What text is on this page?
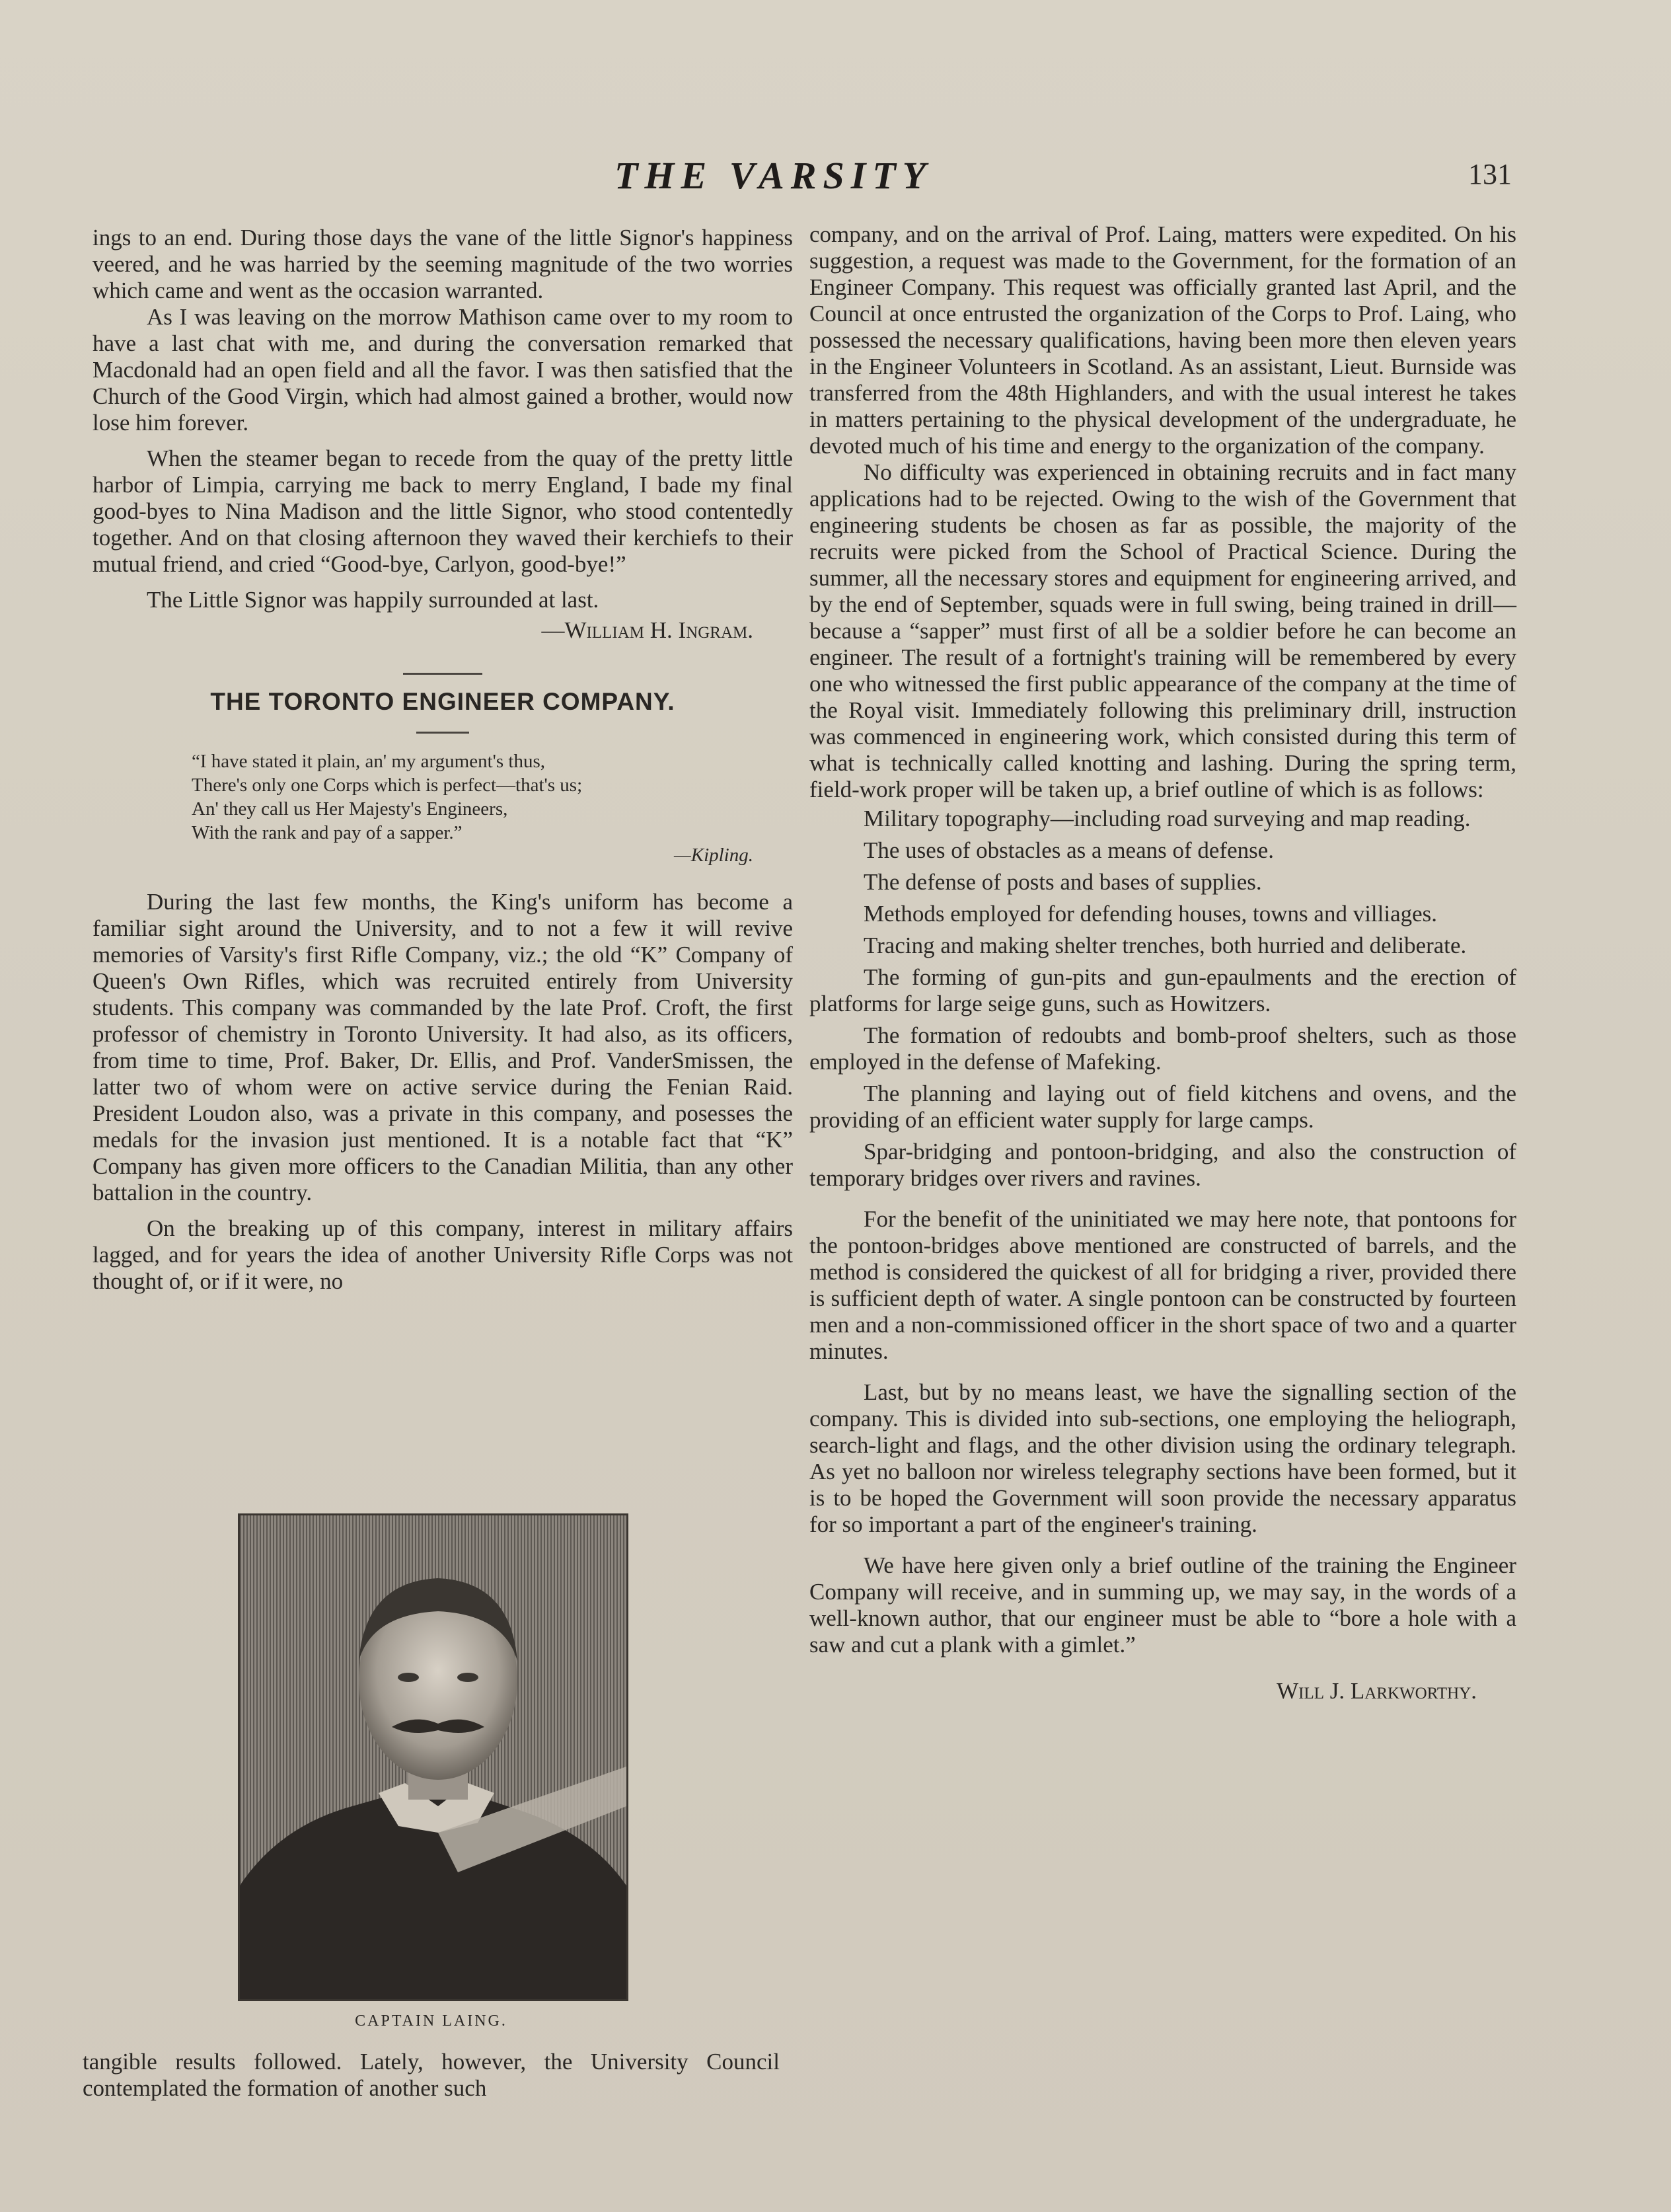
THE VARSITY	131

ings to an end. During those days the vane of the little Signor's happiness veered, and he was harried by the seeming magnitude of the two worries which came and went as the occasion warranted.

As I was leaving on the morrow Mathison came over to my room to have a last chat with me, and during the conversation remarked that Macdonald had an open field and all the favor. I was then satisfied that the Church of the Good Virgin, which had almost gained a brother, would now lose him forever.

When the steamer began to recede from the quay of the pretty little harbor of Limpia, carrying me back to merry England, I bade my final good-byes to Nina Madison and the little Signor, who stood contentedly together. And on that closing afternoon they waved their kerchiefs to their mutual friend, and cried “Good-bye, Carlyon, good-bye!”

The Little Signor was happily surrounded at last.

—William H. Ingram.
THE TORONTO ENGINEER COMPANY.
“I have stated it plain, an' my argument's thus,
There's only one Corps which is perfect—that's us;
An' they call us Her Majesty's Engineers,
With the rank and pay of a sapper.”
—Kipling.

During the last few months, the King's uniform has become a familiar sight around the University, and to not a few it will revive memories of Varsity's first Rifle Company, viz.; the old “K” Company of Queen's Own Rifles, which was recruited entirely from University students. This company was commanded by the late Prof. Croft, the first professor of chemistry in Toronto University. It had also, as its officers, from time to time, Prof. Baker, Dr. Ellis, and Prof. VanderSmissen, the latter two of whom were on active service during the Fenian Raid. President Loudon also, was a private in this company, and posesses the medals for the invasion just mentioned. It is a notable fact that “K” Company has given more officers to the Canadian Militia, than any other battalion in the country.

On the breaking up of this company, interest in military affairs lagged, and for years the idea of another University Rifle Corps was not thought of, or if it were, no

CAPTAIN LAING.

tangible results followed. Lately, however, the University Council contemplated the formation of another such

company, and on the arrival of Prof. Laing, matters were expedited. On his suggestion, a request was made to the Government, for the formation of an Engineer Company. This request was officially granted last April, and the Council at once entrusted the organization of the Corps to Prof. Laing, who possessed the necessary qualifications, having been more then eleven years in the Engineer Volunteers in Scotland. As an assistant, Lieut. Burnside was transferred from the 48th Highlanders, and with the usual interest he takes in matters pertaining to the physical development of the undergraduate, he devoted much of his time and energy to the organization of the company.

No difficulty was experienced in obtaining recruits and in fact many applications had to be rejected. Owing to the wish of the Government that engineering students be chosen as far as possible, the majority of the recruits were picked from the School of Practical Science. During the summer, all the necessary stores and equipment for engineering arrived, and by the end of September, squads were in full swing, being trained in drill—because a “sapper” must first of all be a soldier before he can become an engineer. The result of a fortnight's training will be remembered by every one who witnessed the first public appearance of the company at the time of the Royal visit. Immediately following this preliminary drill, instruction was commenced in engineering work, which consisted during this term of what is technically called knotting and lashing. During the spring term, field-work proper will be taken up, a brief outline of which is as follows:

Military topography—including road surveying and map reading.

The uses of obstacles as a means of defense.

The defense of posts and bases of supplies.

Methods employed for defending houses, towns and villiages.

Tracing and making shelter trenches, both hurried and deliberate.

The forming of gun-pits and gun-epaulments and the erection of platforms for large seige guns, such as Howitzers.

The formation of redoubts and bomb-proof shelters, such as those employed in the defense of Mafeking.

The planning and laying out of field kitchens and ovens, and the providing of an efficient water supply for large camps.

Spar-bridging and pontoon-bridging, and also the construction of temporary bridges over rivers and ravines.

For the benefit of the uninitiated we may here note, that pontoons for the pontoon-bridges above mentioned are constructed of barrels, and the method is considered the quickest of all for bridging a river, provided there is sufficient depth of water. A single pontoon can be constructed by fourteen men and a non-commissioned officer in the short space of two and a quarter minutes.

Last, but by no means least, we have the signalling section of the company. This is divided into sub-sections, one employing the heliograph, search-light and flags, and the other division using the ordinary telegraph. As yet no balloon nor wireless telegraphy sections have been formed, but it is to be hoped the Government will soon provide the necessary apparatus for so important a part of the engineer's training.

We have here given only a brief outline of the training the Engineer Company will receive, and in summing up, we may say, in the words of a well-known author, that our engineer must be able to “bore a hole with a saw and cut a plank with a gimlet.”

Will J. Larkworthy.
